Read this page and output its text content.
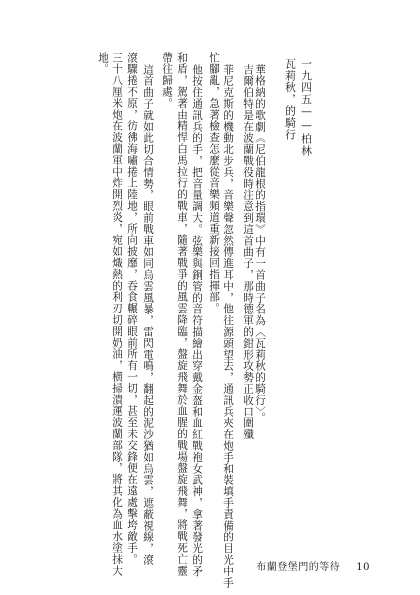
一九四五——柏林
瓦莉秋，的騎行

華格納的歌劇《尼伯龍根的指環》中有一首曲子名為〈瓦莉秋的騎行〉。

吉爾伯特是在波蘭戰役時注意到這首曲子，那時德軍的鉗形攻勢正收口圍殲

菲尼克斯的機動北步兵，音樂聲忽然傳進耳中，他往源頭望去，通訊兵夾在炮手和裝填手責備的目光中手

忙腳亂，急著檢查怎麼從音樂頻道重新接回指揮部。

他按住通訊兵的手，把音量調大。弦樂與銅管的音符描繪出穿戴金盔和血紅戰袍女武神，拿著發光的矛

和盾，駕著由精悍白馬拉行的戰車，隨著戰爭的風雲降臨，盤旋飛舞於血腥的戰場盤旋飛舞，將戰死亡靈

帶往歸處。

這首曲子就如此切合情勢，眼前戰車如同烏雲風暴，雷閃電鳴，翻起的泥沙猶如烏雲，遮蔽視線，滾

滾驟捲不原，彷彿海嘯捲上陸地，所向披靡，吞食輾碎眼前所有一切，甚至未交鋒便在遠處擊垮敵手。

三十八厘米炮在波蘭軍中炸開烈炎，宛如熾熱的利刃切開奶油，横掃潰運波蘭部隊，將其化為血水塗抹大

地。

布蘭登堡門的等待 10
